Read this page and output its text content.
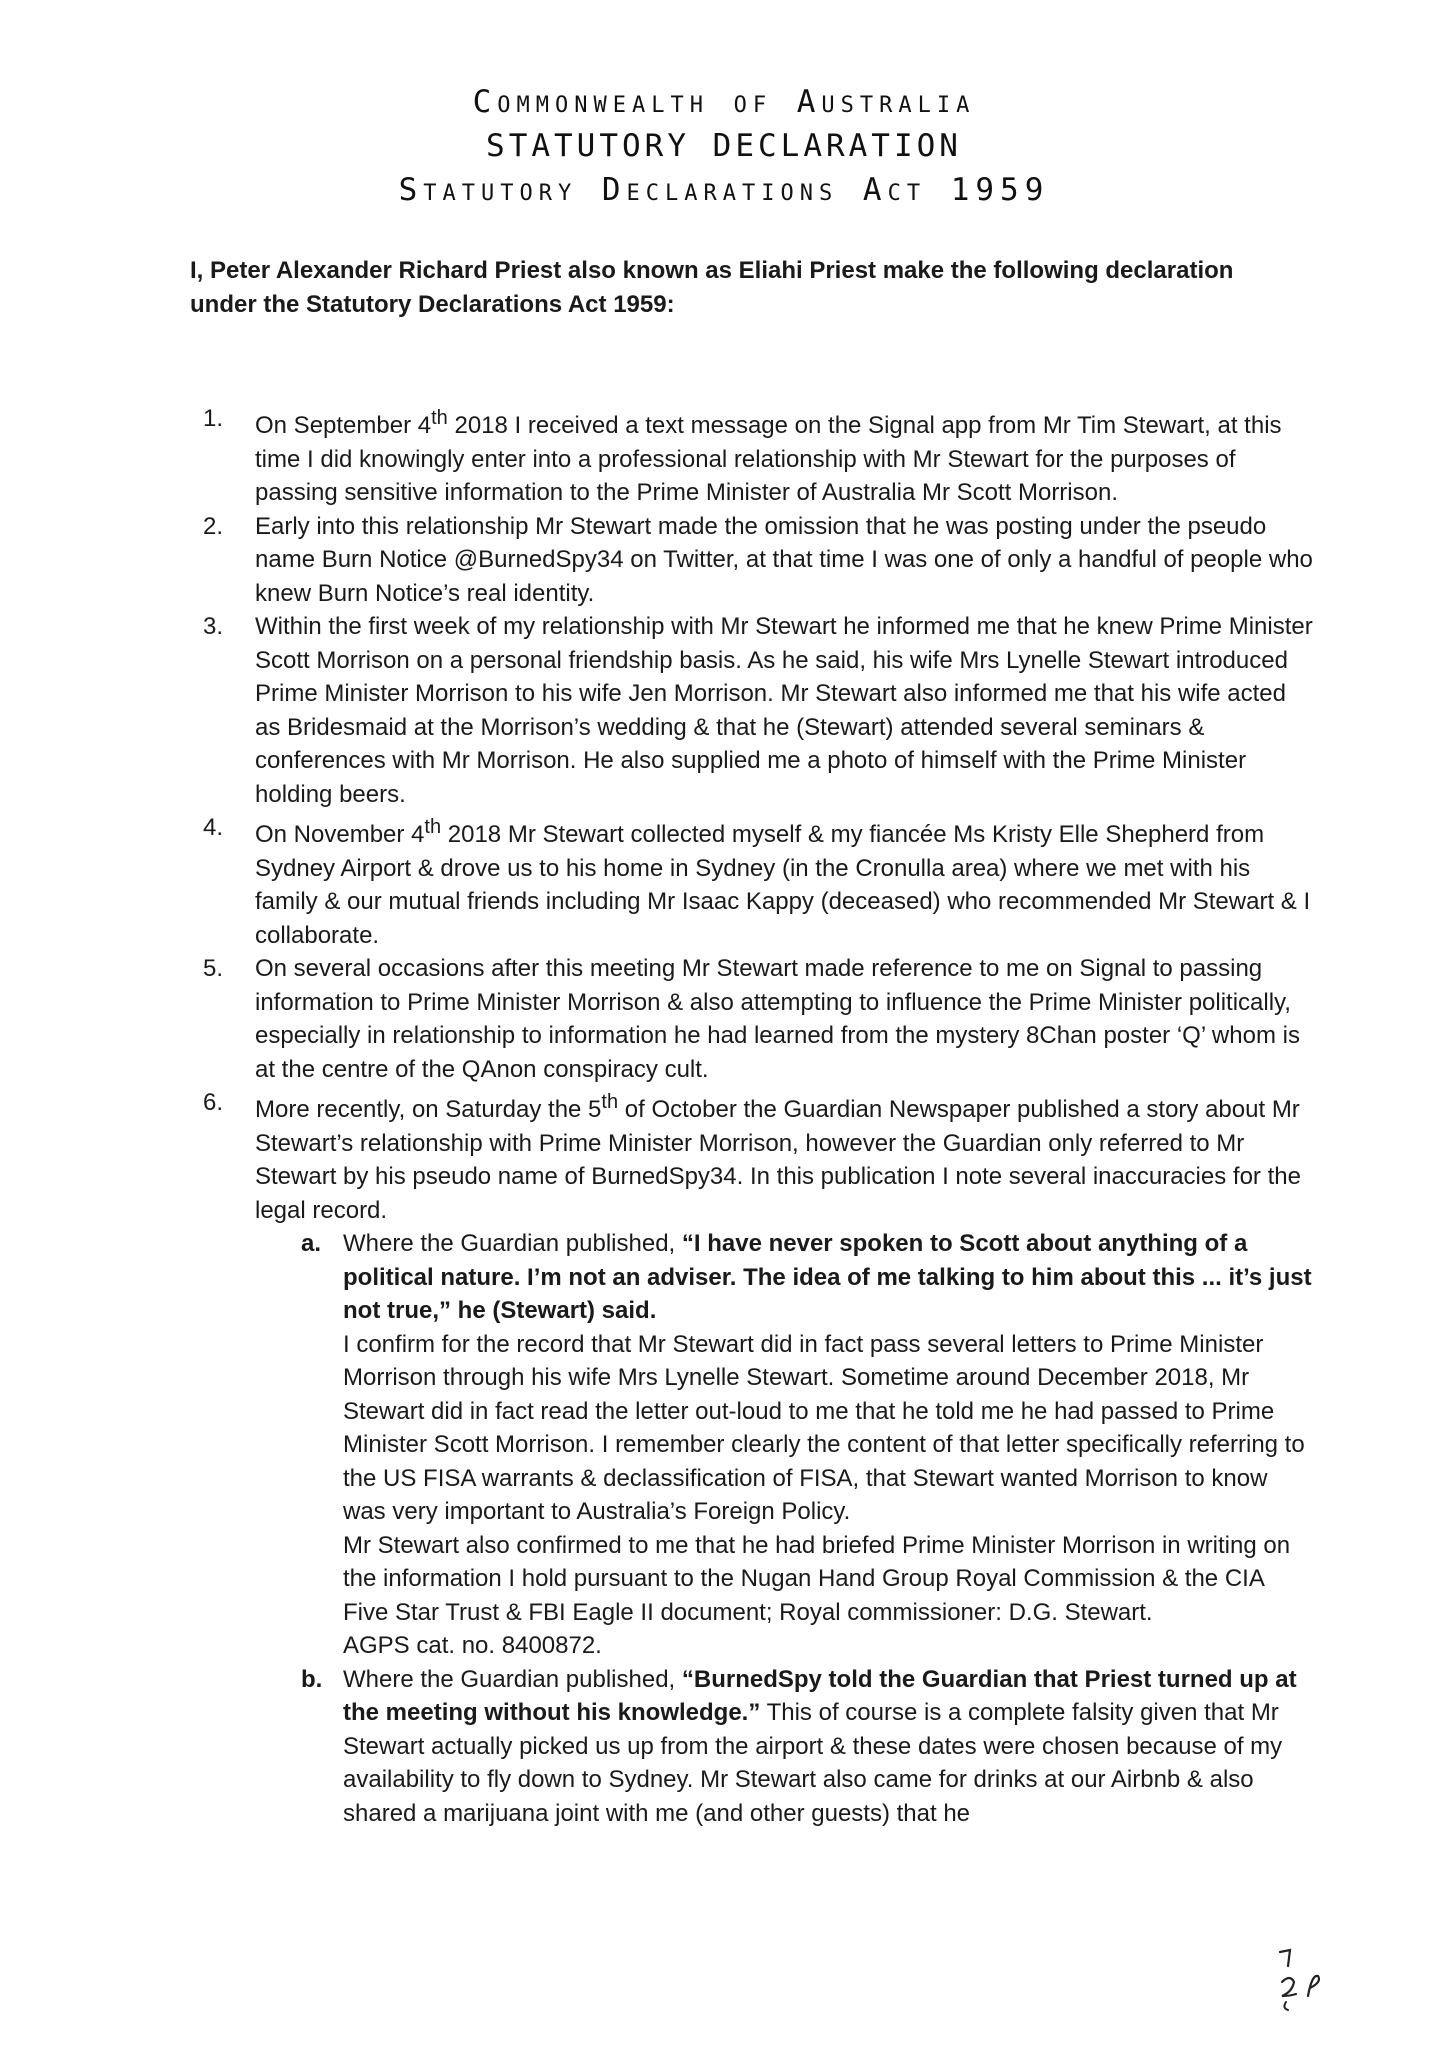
Commonwealth of Australia
STATUTORY DECLARATION
Statutory Declarations Act 1959
I, Peter Alexander Richard Priest also known as Eliahi Priest make the following declaration under the Statutory Declarations Act 1959:
1. On September 4th 2018 I received a text message on the Signal app from Mr Tim Stewart, at this time I did knowingly enter into a professional relationship with Mr Stewart for the purposes of passing sensitive information to the Prime Minister of Australia Mr Scott Morrison.
2. Early into this relationship Mr Stewart made the omission that he was posting under the pseudo name Burn Notice @BurnedSpy34 on Twitter, at that time I was one of only a handful of people who knew Burn Notice’s real identity.
3. Within the first week of my relationship with Mr Stewart he informed me that he knew Prime Minister Scott Morrison on a personal friendship basis. As he said, his wife Mrs Lynelle Stewart introduced Prime Minister Morrison to his wife Jen Morrison. Mr Stewart also informed me that his wife acted as Bridesmaid at the Morrison’s wedding & that he (Stewart) attended several seminars & conferences with Mr Morrison. He also supplied me a photo of himself with the Prime Minister holding beers.
4. On November 4th 2018 Mr Stewart collected myself & my fiancée Ms Kristy Elle Shepherd from Sydney Airport & drove us to his home in Sydney (in the Cronulla area) where we met with his family & our mutual friends including Mr Isaac Kappy (deceased) who recommended Mr Stewart & I collaborate.
5. On several occasions after this meeting Mr Stewart made reference to me on Signal to passing information to Prime Minister Morrison & also attempting to influence the Prime Minister politically, especially in relationship to information he had learned from the mystery 8Chan poster ‘Q’ whom is at the centre of the QAnon conspiracy cult.
6. More recently, on Saturday the 5th of October the Guardian Newspaper published a story about Mr Stewart’s relationship with Prime Minister Morrison, however the Guardian only referred to Mr Stewart by his pseudo name of BurnedSpy34. In this publication I note several inaccuracies for the legal record.
a. Where the Guardian published, “I have never spoken to Scott about anything of a political nature. I’m not an adviser. The idea of me talking to him about this ... it’s just not true,” he (Stewart) said.
I confirm for the record that Mr Stewart did in fact pass several letters to Prime Minister Morrison through his wife Mrs Lynelle Stewart. Sometime around December 2018, Mr Stewart did in fact read the letter out-loud to me that he told me he had passed to Prime Minister Scott Morrison. I remember clearly the content of that letter specifically referring to the US FISA warrants & declassification of FISA, that Stewart wanted Morrison to know was very important to Australia’s Foreign Policy.
Mr Stewart also confirmed to me that he had briefed Prime Minister Morrison in writing on the information I hold pursuant to the Nugan Hand Group Royal Commission & the CIA Five Star Trust & FBI Eagle II document; Royal commissioner: D.G. Stewart.
AGPS cat. no. 8400872.
b. Where the Guardian published, “BurnedSpy told the Guardian that Priest turned up at the meeting without his knowledge.” This of course is a complete falsity given that Mr Stewart actually picked us up from the airport & these dates were chosen because of my availability to fly down to Sydney. Mr Stewart also came for drinks at our Airbnb & also shared a marijuana joint with me (and other guests) that he
